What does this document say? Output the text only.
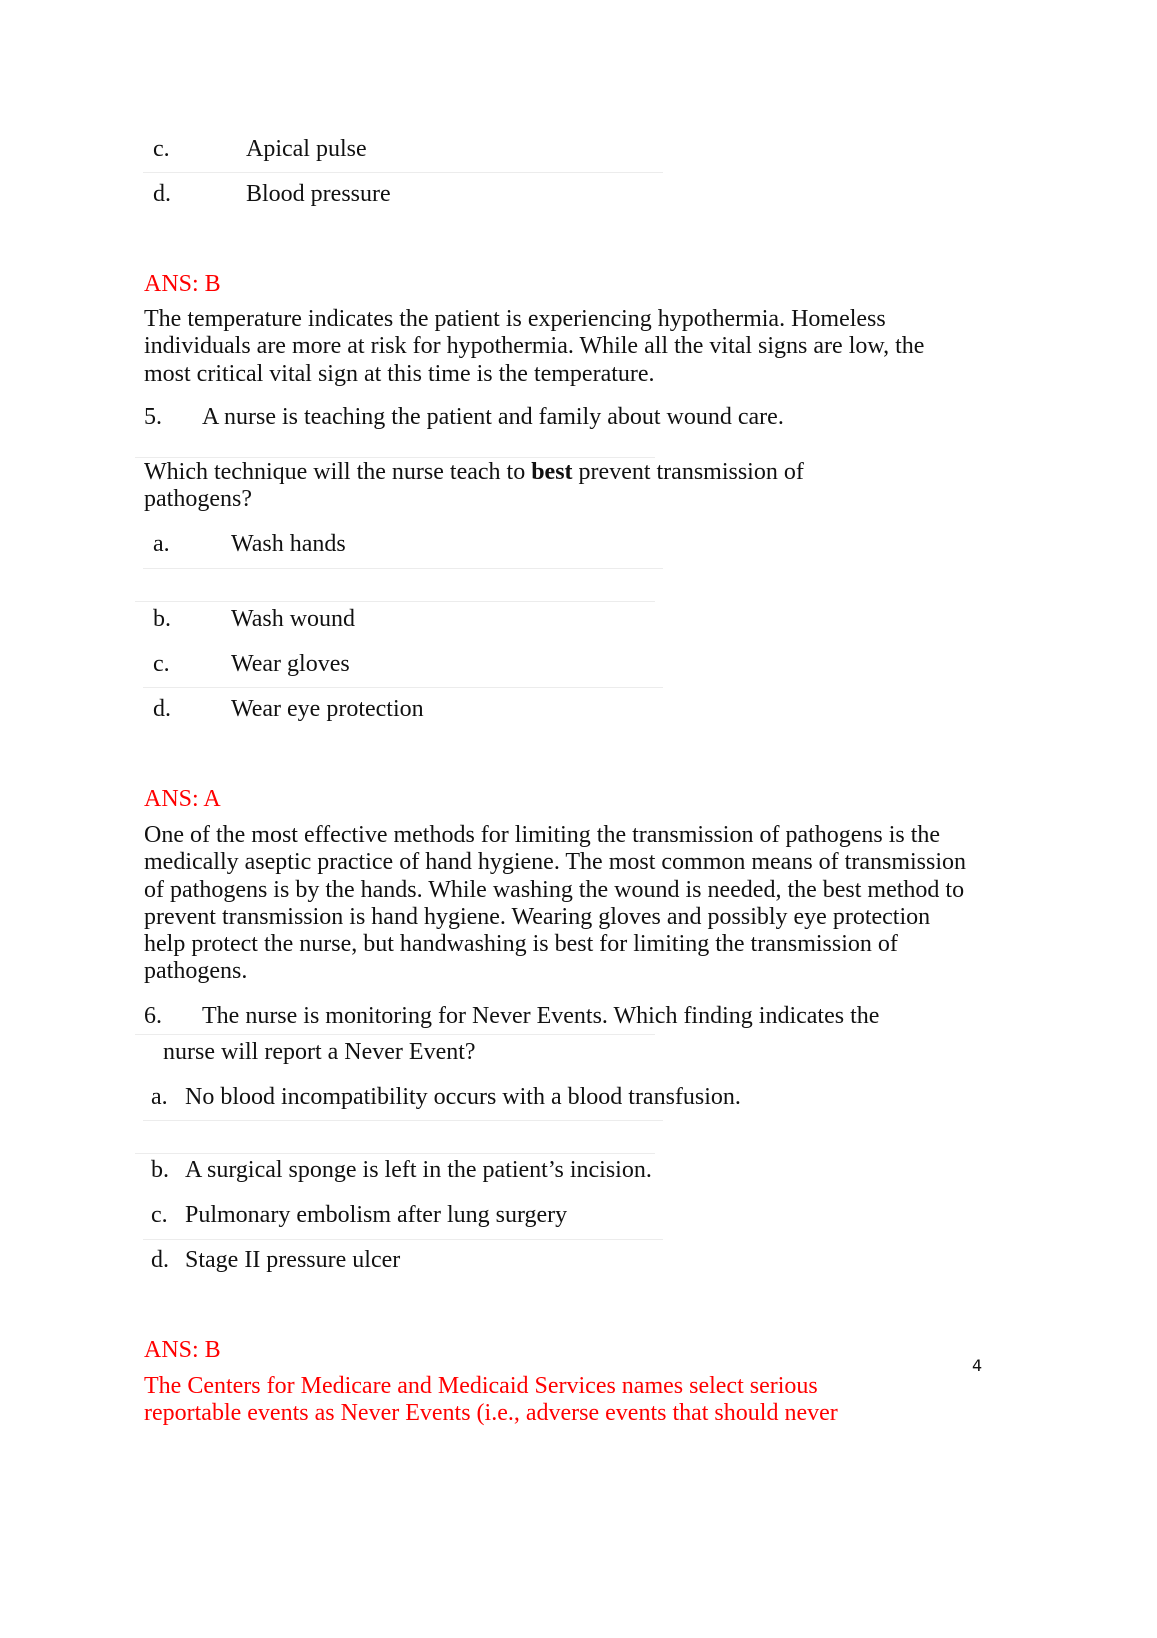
c.	Apical pulse
d.	Blood pressure
ANS: B
The temperature indicates the patient is experiencing hypothermia. Homeless individuals are more at risk for hypothermia. While all the vital signs are low, the most critical vital sign at this time is the temperature.
5. A nurse is teaching the patient and family about wound care.
Which technique will the nurse teach to best prevent transmission of pathogens?
a.	Wash hands
b.	Wash wound
c.	Wear gloves
d.	Wear eye protection
ANS: A
One of the most effective methods for limiting the transmission of pathogens is the medically aseptic practice of hand hygiene. The most common means of transmission of pathogens is by the hands. While washing the wound is needed, the best method to prevent transmission is hand hygiene. Wearing gloves and possibly eye protection help protect the nurse, but handwashing is best for limiting the transmission of pathogens.
6. The nurse is monitoring for Never Events. Which finding indicates the
nurse will report a Never Event?
a. No blood incompatibility occurs with a blood transfusion.
b. A surgical sponge is left in the patient’s incision.
c. Pulmonary embolism after lung surgery
d. Stage II pressure ulcer
ANS: B
The Centers for Medicare and Medicaid Services names select serious reportable events as Never Events (i.e., adverse events that should never
4
